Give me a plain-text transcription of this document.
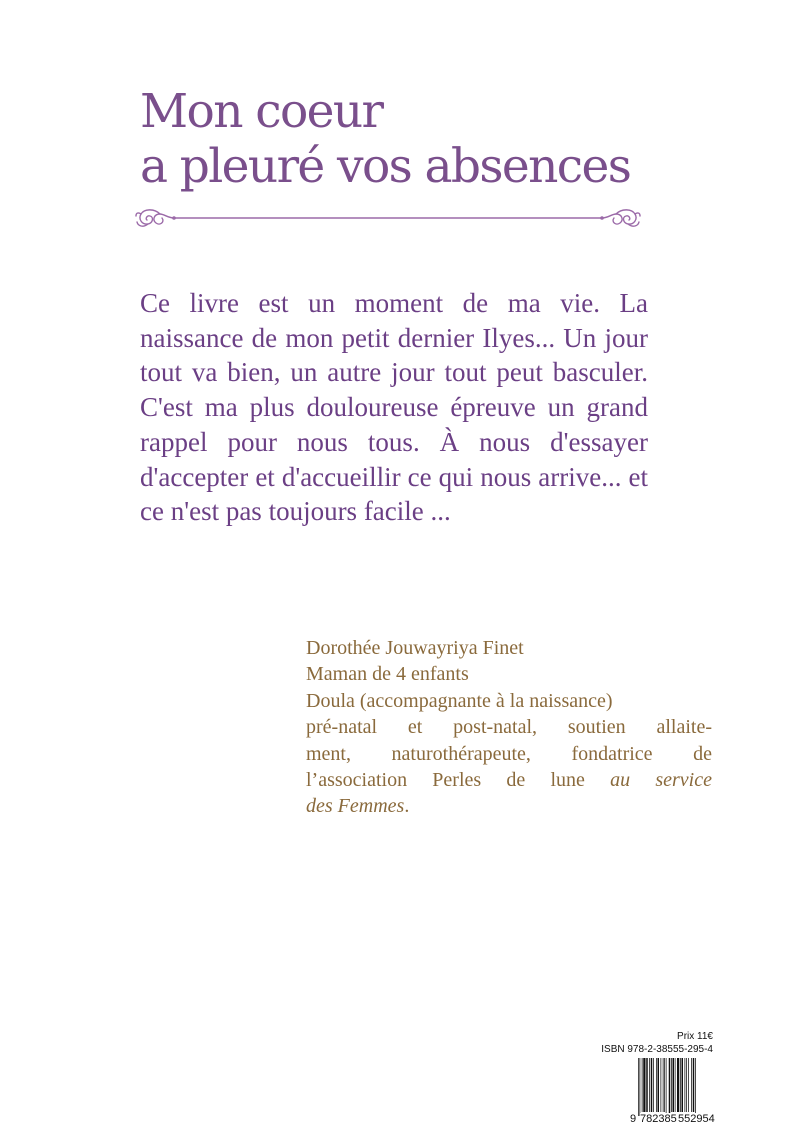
Mon coeur
a pleuré vos absences

Ce livre est un moment de ma vie. La naissance de mon petit dernier Ilyes... Un jour tout va bien, un autre jour tout peut basculer. C'est ma plus douloureuse épreuve un grand rappel pour nous tous. À nous d'essayer d'accepter et d'accueillir ce qui nous arrive... et ce n'est pas toujours facile ...

Dorothée Jouwayriya Finet
Maman de 4 enfants
Doula (accompagnante à la naissance)
pré-natal et post-natal, soutien allaite-
ment, naturothérapeute, fondatrice de
l’association Perles de lune au service
des Femmes.
Prix 11€
ISBN 978-2-38555-295-4
9 782385 552954
